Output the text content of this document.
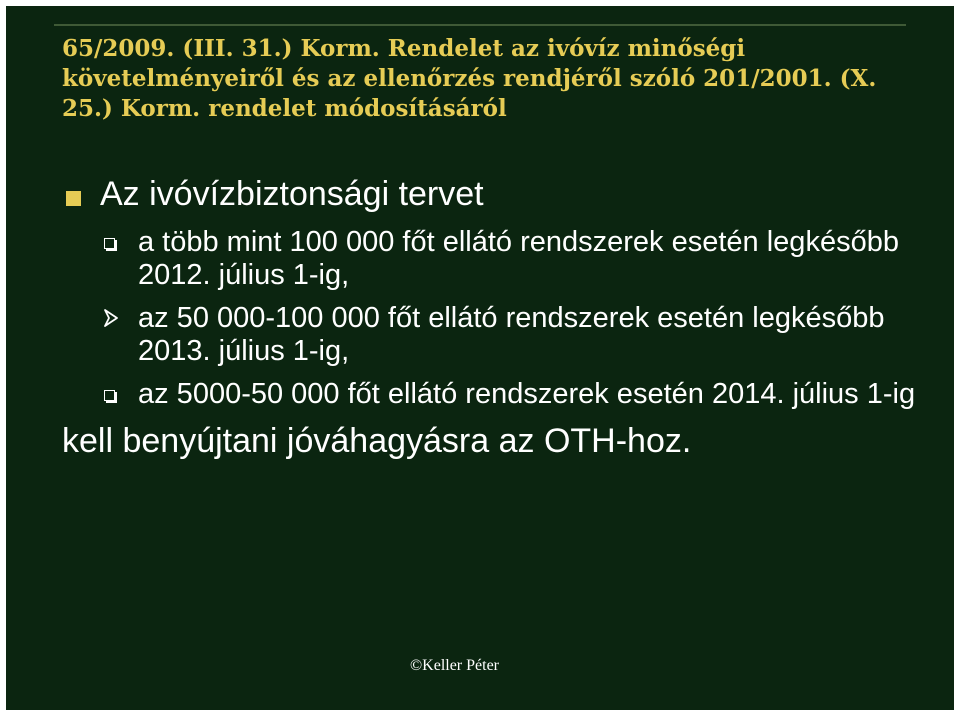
65/2009. (III. 31.) Korm. Rendelet az ivóvíz minőségi követelményeiről és az ellenőrzés rendjéről szóló 201/2001. (X. 25.) Korm. rendelet módosításáról
Az ivóvízbiztonsági tervet
a több mint 100 000 főt ellátó rendszerek esetén legkésőbb 2012. július 1-ig,
az 50 000-100 000 főt ellátó rendszerek esetén legkésőbb 2013. július 1-ig,
az 5000-50 000 főt ellátó rendszerek esetén 2014. július 1-ig
kell benyújtani jóváhagyásra az OTH-hoz.
©Keller Péter
